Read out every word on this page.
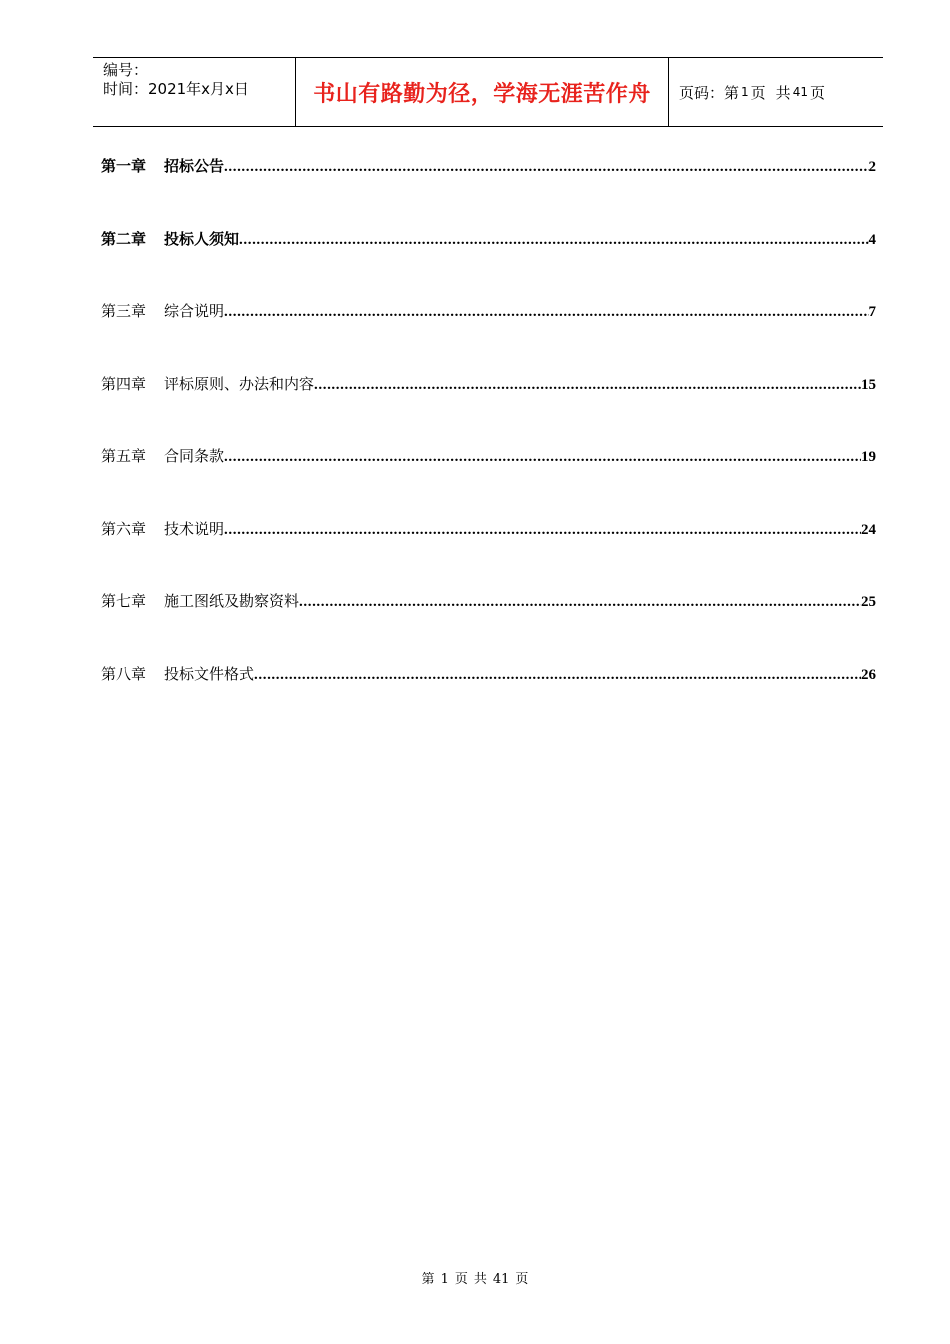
编号：
时间：2021年x月x日	书山有路勤为径，学海无涯苦作舟 页码：第 1 页 共 41 页
第一章 招标公告 .....	2
第二章 投标人须知 .....	4
第三章 综合说明 .....	7
第四章 评标原则、办法和内容 .....	15
第五章 合同条款 .....	19
第六章 技术说明 .....	24
第七章 施工图纸及勘察资料 .....	25
第八章 投标文件格式 .....	26
第 1 页 共 41 页
